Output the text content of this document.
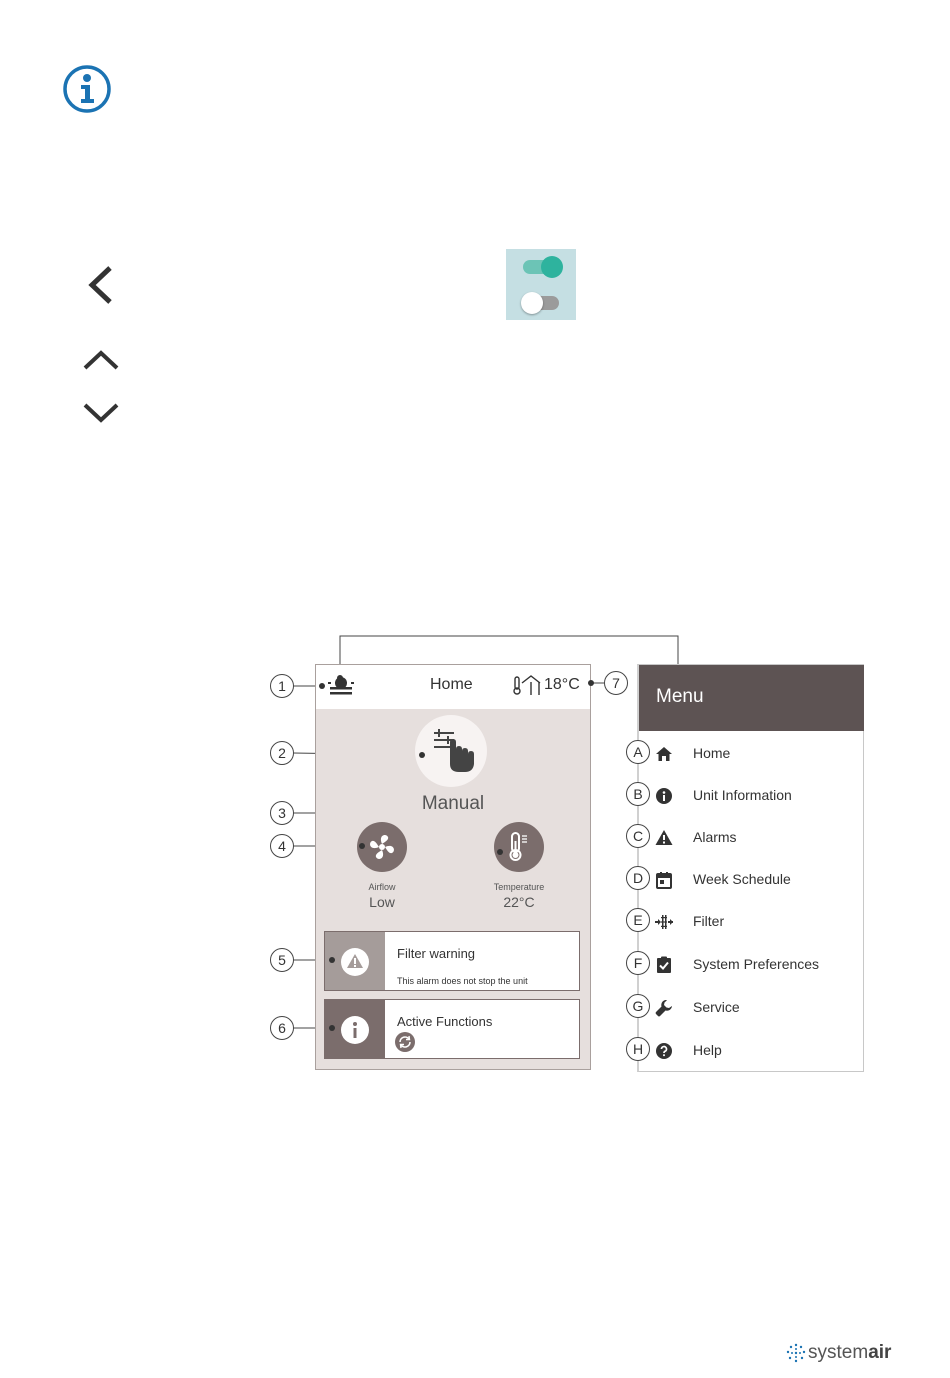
Home	18°C
Manual
Airflow
Low
Temperature
22°C
Filter warning
This alarm does not stop the unit
Active Functions
Menu
Home
Unit Information
Alarms
Week Schedule
Filter
System Preferences
Service
Help
A
B
C
D
E
F
G
H
1
2
3
4
5
6
7
systemair
